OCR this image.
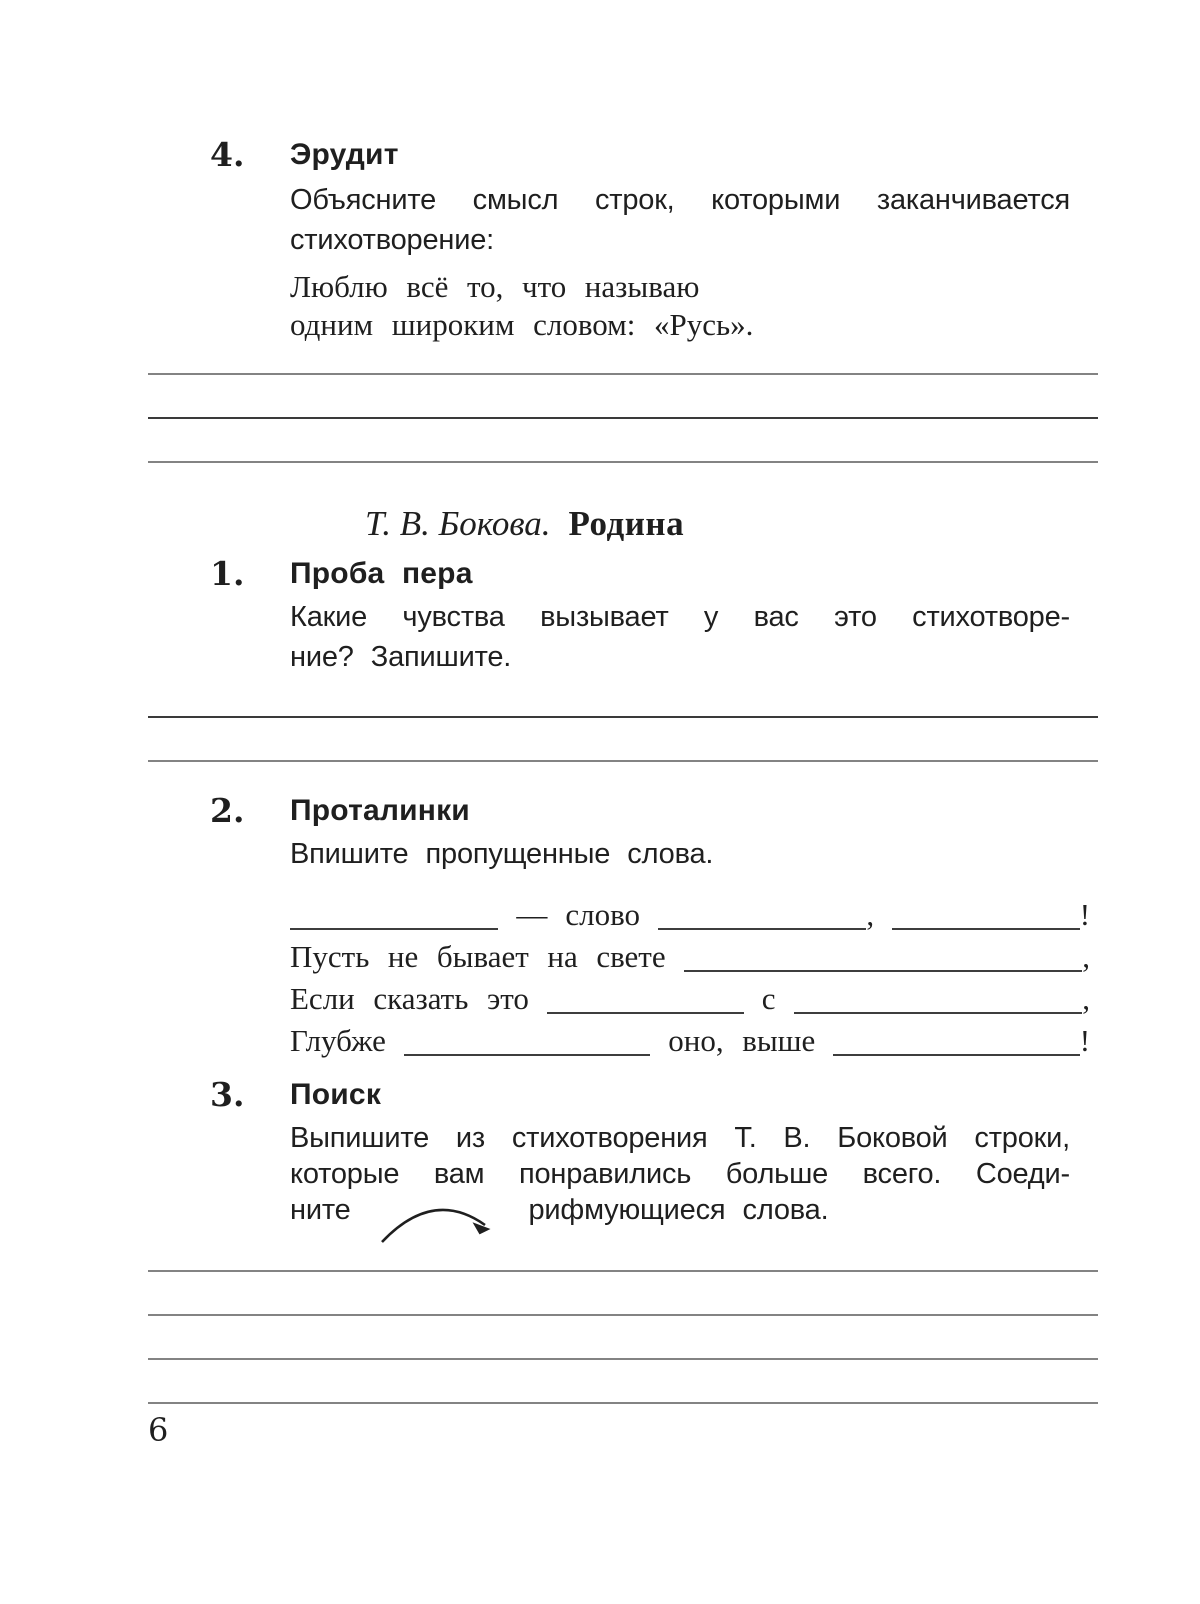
4. Эрудит

Объясните смысл строк, которыми заканчивается

стихотворение:

Люблю всё то, что называю

одним широким словом: «Русь».

Т. В. Бокова. Родина
1. Проба пера

Какие чувства вызывает у вас это стихотворе-

ние? Запишите.

2. Проталинки

Впишите пропущенные слова.

— слово	,	!
Пусть не бывает на свете	,
Если сказать это	с	,
Глубже	оно, выше	!
3. Поиск

Выпишите из стихотворения Т. В. Боковой строки,

которые вам понравились больше всего. Соеди-

ните	рифмующиеся слова.
6
